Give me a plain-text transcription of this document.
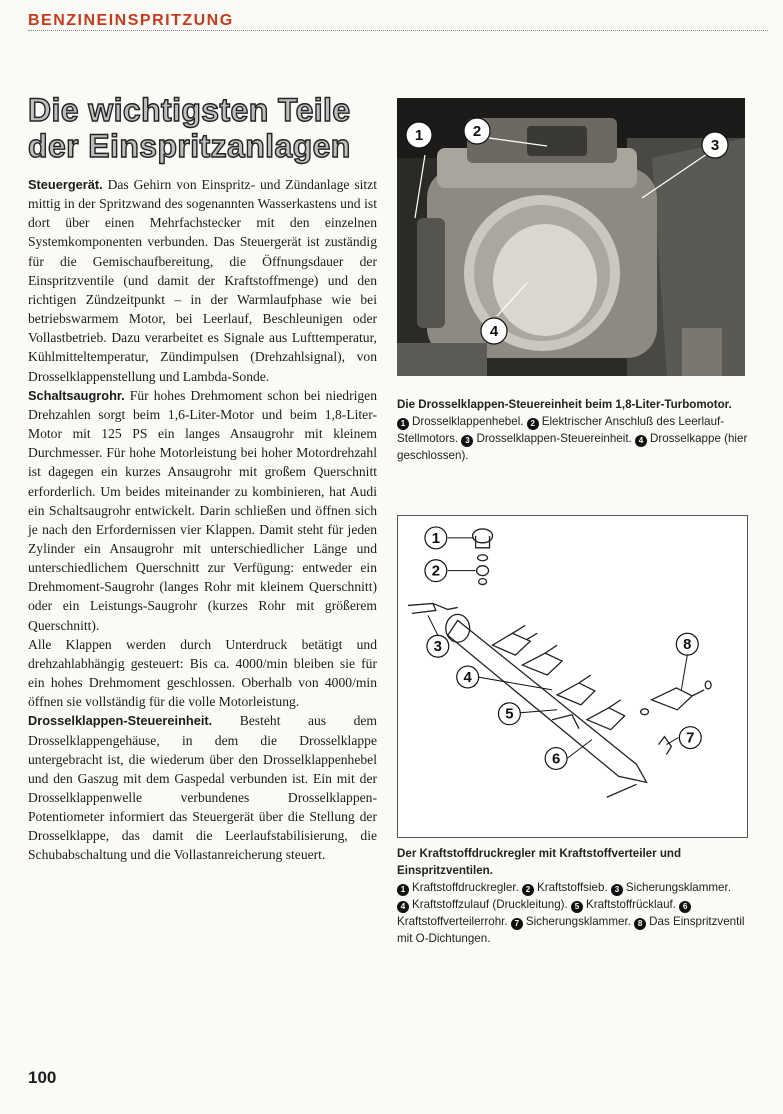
BENZINEINSPRITZUNG
Die wichtigsten Teile
der Einspritzanlagen

Steuergerät. Das Gehirn von Einspritz- und Zündanlage sitzt mittig in der Spritzwand des sogenannten Wasserkastens und ist dort über einen Mehrfachstecker mit den einzelnen Systemkomponenten verbunden. Das Steuergerät ist zuständig für die Gemischaufbereitung, die Öffnungsdauer der Einspritzventile (und damit der Kraftstoffmenge) und den richtigen Zündzeitpunkt – in der Warmlaufphase wie bei betriebswarmem Motor, bei Leerlauf, Beschleunigen oder Vollastbetrieb. Dazu verarbeitet es Signale aus Lufttemperatur, Kühlmitteltemperatur, Zündimpulsen (Drehzahlsignal), von Drosselklappenstellung und Lambda-Sonde.

Schaltsaugrohr. Für hohes Drehmoment schon bei niedrigen Drehzahlen sorgt beim 1,6-Liter-Motor und beim 1,8-Liter-Motor mit 125 PS ein langes Ansaugrohr mit kleinem Durchmesser. Für hohe Motorleistung bei hoher Motordrehzahl ist dagegen ein kurzes Ansaugrohr mit großem Querschnitt erforderlich. Um beides miteinander zu kombinieren, hat Audi ein Schaltsaugrohr entwickelt. Darin schließen und öffnen sich je nach den Erfordernissen vier Klappen. Damit steht für jeden Zylinder ein Ansaugrohr mit unterschiedlicher Länge und unterschiedlichem Querschnitt zur Verfügung: entweder ein Drehmoment-Saugrohr (langes Rohr mit kleinem Querschnitt) oder ein Leistungs-Saugrohr (kurzes Rohr mit größerem Querschnitt).

Alle Klappen werden durch Unterdruck betätigt und drehzahlabhängig gesteuert: Bis ca. 4000/min bleiben sie für ein hohes Drehmoment geschlossen. Oberhalb von 4000/min öffnen sie vollständig für die volle Motorleistung.

Drosselklappen-Steuereinheit. Besteht aus dem Drosselklappengehäuse, in dem die Drosselklappe untergebracht ist, die wiederum über den Drosselklappenhebel und den Gaszug mit dem Gaspedal verbunden ist. Ein mit der Drosselklappenwelle verbundenes Drosselklappen-Potentiometer informiert das Steuergerät über die Stellung der Drosselklappe, das damit die Leerlaufstabilisierung, die Schubabschaltung und die Vollastanreicherung steuert.

1	2
3
4
Die Drosselklappen-Steuereinheit beim 1,8-Liter-Turbomotor.
1 Drosselklappenhebel. 2 Elektrischer Anschluß des Leerlauf-Stellmotors. 3 Drosselklappen-Steuereinheit. 4 Drosselkappe (hier geschlossen).
1
2
3
4
5
6
7
8
Der Kraftstoffdruckregler mit Kraftstoffverteiler und Einspritzventilen.
1 Kraftstoffdruckregler. 2 Kraftstoffsieb. 3 Sicherungsklammer. 4 Kraftstoffzulauf (Druckleitung). 5 Kraftstoffrücklauf. 6Kraftstoffverteilerrohr. 7 Sicherungsklammer. 8 Das Einspritzventil mit O-Dichtungen.
100
